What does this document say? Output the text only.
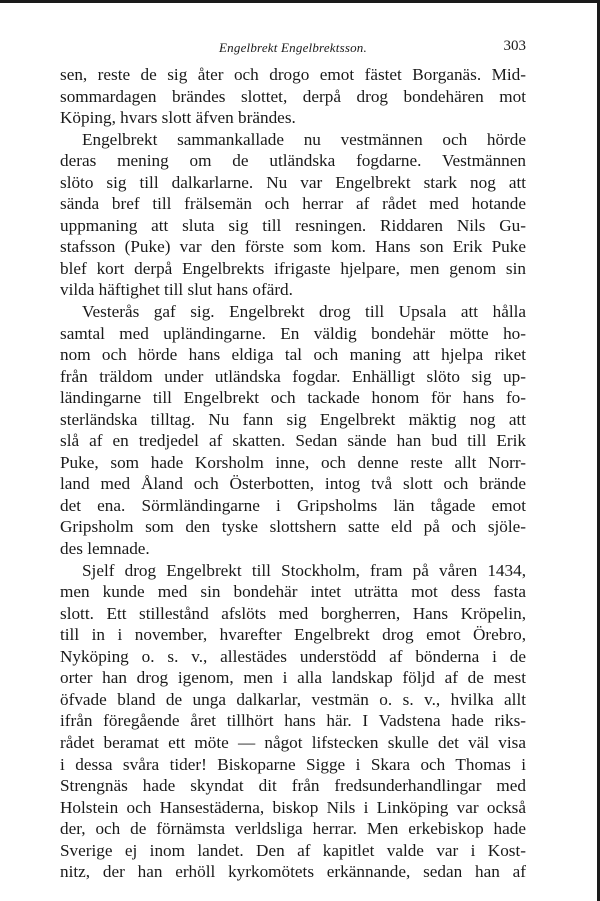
Engelbrekt Engelbrektsson.	303
sen, reste de sig åter och drogo emot fästet Borganäs. Mid-
sommardagen brändes slottet, derpå drog bondehären mot
Köping, hvars slott äfven brändes.
Engelbrekt sammankallade nu vestmännen och hörde
deras mening om de utländska fogdarne. Vestmännen
slöto sig till dalkarlarne. Nu var Engelbrekt stark nog att
sända bref till frälsemän och herrar af rådet med hotande
uppmaning att sluta sig till resningen. Riddaren Nils Gu-
stafsson (Puke) var den förste som kom. Hans son Erik Puke
blef kort derpå Engelbrekts ifrigaste hjelpare, men genom sin
vilda häftighet till slut hans ofärd.
Vesterås gaf sig. Engelbrekt drog till Upsala att hålla
samtal med upländingarne. En väldig bondehär mötte ho-
nom och hörde hans eldiga tal och maning att hjelpa riket
från träldom under utländska fogdar. Enhälligt slöto sig up-
ländingarne till Engelbrekt och tackade honom för hans fo-
sterländska tilltag. Nu fann sig Engelbrekt mäktig nog att
slå af en tredjedel af skatten. Sedan sände han bud till Erik
Puke, som hade Korsholm inne, och denne reste allt Norr-
land med Åland och Österbotten, intog två slott och brände
det ena. Sörmländingarne i Gripsholms län tågade emot
Gripsholm som den tyske slottshern satte eld på och sjöle-
des lemnade.
Sjelf drog Engelbrekt till Stockholm, fram på våren 1434,
men kunde med sin bondehär intet uträtta mot dess fasta
slott. Ett stillestånd afslöts med borgherren, Hans Kröpelin,
till in i november, hvarefter Engelbrekt drog emot Örebro,
Nyköping o. s. v., allestädes understödd af bönderna i de
orter han drog igenom, men i alla landskap följd af de mest
öfvade bland de unga dalkarlar, vestmän o. s. v., hvilka allt
ifrån föregående året tillhört hans här. I Vadstena hade riks-
rådet beramat ett möte — något lifstecken skulle det väl visa
i dessa svåra tider! Biskoparne Sigge i Skara och Thomas i
Strengnäs hade skyndat dit från fredsunderhandlingar med
Holstein och Hansestäderna, biskop Nils i Linköping var också
der, och de förnämsta verldsliga herrar. Men erkebiskop hade
Sverige ej inom landet. Den af kapitlet valde var i Kost-
nitz, der han erhöll kyrkomötets erkännande, sedan han af
